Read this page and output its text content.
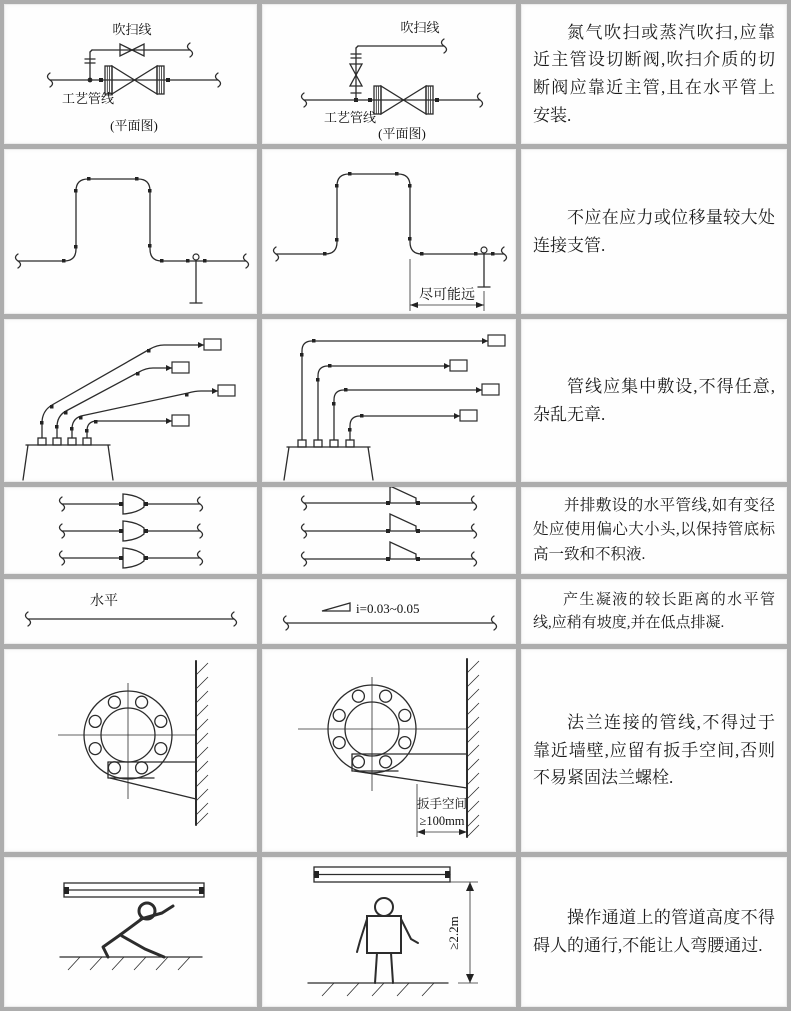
吹扫线
工艺管线
(平面图)
吹扫线
工艺管线
(平面图)
氮气吹扫或蒸汽吹扫,应靠近主管设切断阀,吹扫介质的切断阀应靠近主管,且在水平管上安装.
尽可能远
不应在应力或位移量较大处连接支管.
管线应集中敷设,不得任意,杂乱无章.
并排敷设的水平管线,如有变径处应使用偏心大小头,以保持管底标高一致和不积液.
水平	i=0.03~0.05
产生凝液的较长距离的水平管线,应稍有坡度,并在低点排凝.
扳手空间
≥100mm
法兰连接的管线,不得过于靠近墙壁,应留有扳手空间,否则不易紧固法兰螺栓.
≥2.2m	操作通道上的管道高度不得碍人的通行,不能让人弯腰通过.
